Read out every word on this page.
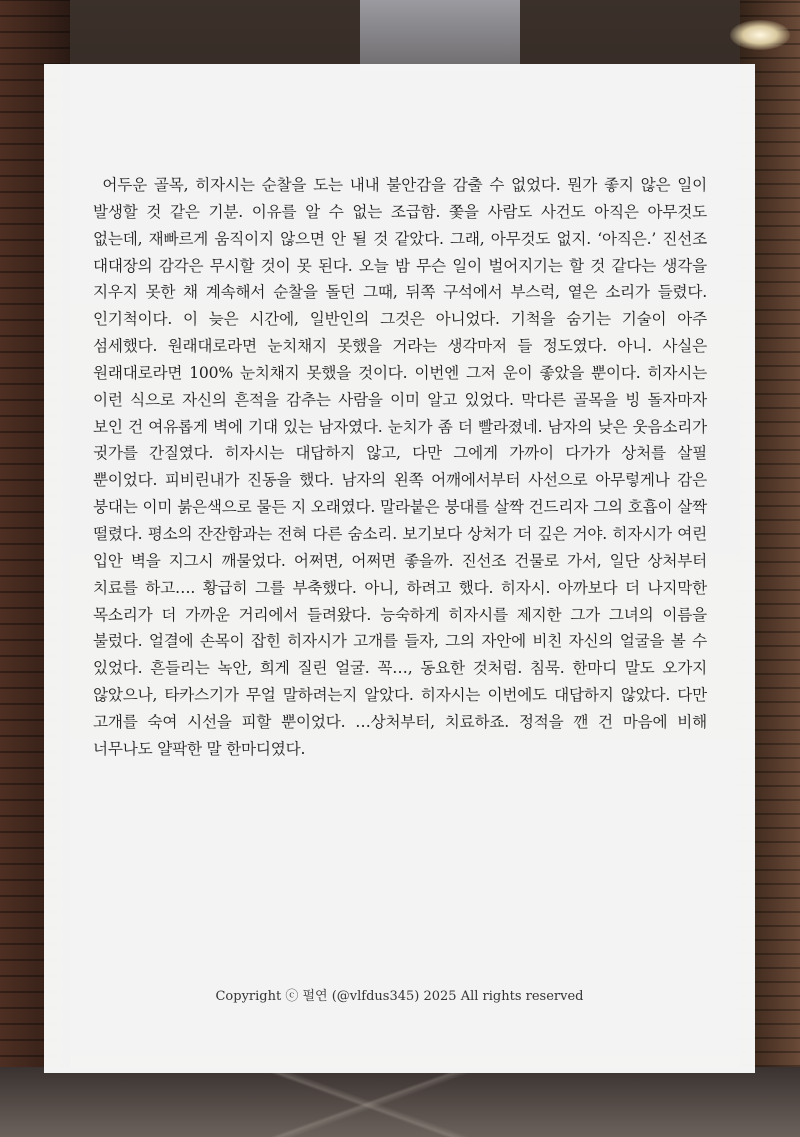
어두운 골목, 히자시는 순찰을 도는 내내 불안감을 감출 수 없었다. 뭔가 좋지 않은 일이 발생할 것 같은 기분. 이유를 알 수 없는 조급함. 쫓을 사람도 사건도 아직은 아무것도 없는데, 재빠르게 움직이지 않으면 안 될 것 같았다. 그래, 아무것도 없지. ‘아직은.’ 진선조 대대장의 감각은 무시할 것이 못 된다. 오늘 밤 무슨 일이 벌어지기는 할 것 같다는 생각을 지우지 못한 채 계속해서 순찰을 돌던 그때, 뒤쪽 구석에서 부스럭, 옅은 소리가 들렸다. 인기척이다. 이 늦은 시간에, 일반인의 그것은 아니었다. 기척을 숨기는 기술이 아주 섬세했다. 원래대로라면 눈치채지 못했을 거라는 생각마저 들 정도였다. 아니. 사실은 원래대로라면 100% 눈치채지 못했을 것이다. 이번엔 그저 운이 좋았을 뿐이다. 히자시는 이런 식으로 자신의 흔적을 감추는 사람을 이미 알고 있었다. 막다른 골목을 빙 돌자마자 보인 건 여유롭게 벽에 기대 있는 남자였다. 눈치가 좀 더 빨라졌네. 남자의 낮은 웃음소리가 귓가를 간질였다. 히자시는 대답하지 않고, 다만 그에게 가까이 다가가 상처를 살필 뿐이었다. 피비린내가 진동을 했다. 남자의 왼쪽 어깨에서부터 사선으로 아무렇게나 감은 붕대는 이미 붉은색으로 물든 지 오래였다. 말라붙은 붕대를 살짝 건드리자 그의 호흡이 살짝 떨렸다. 평소의 잔잔함과는 전혀 다른 숨소리. 보기보다 상처가 더 깊은 거야. 히자시가 여린 입안 벽을 지그시 깨물었다. 어쩌면, 어쩌면 좋을까. 진선조 건물로 가서, 일단 상처부터 치료를 하고…. 황급히 그를 부축했다. 아니, 하려고 했다. 히자시. 아까보다 더 나지막한 목소리가 더 가까운 거리에서 들려왔다. 능숙하게 히자시를 제지한 그가 그녀의 이름을 불렀다. 얼결에 손목이 잡힌 히자시가 고개를 들자, 그의 자안에 비친 자신의 얼굴을 볼 수 있었다. 흔들리는 녹안, 희게 질린 얼굴. 꼭…, 동요한 것처럼. 침묵. 한마디 말도 오가지 않았으나, 타카스기가 무얼 말하려는지 알았다. 히자시는 이번에도 대답하지 않았다. 다만 고개를 숙여 시선을 피할 뿐이었다. …상처부터, 치료하죠. 정적을 깬 건 마음에 비해 너무나도 얄팍한 말 한마디였다.

Copyright ⓒ 펄연 (@vlfdus345) 2025 All rights reserved
